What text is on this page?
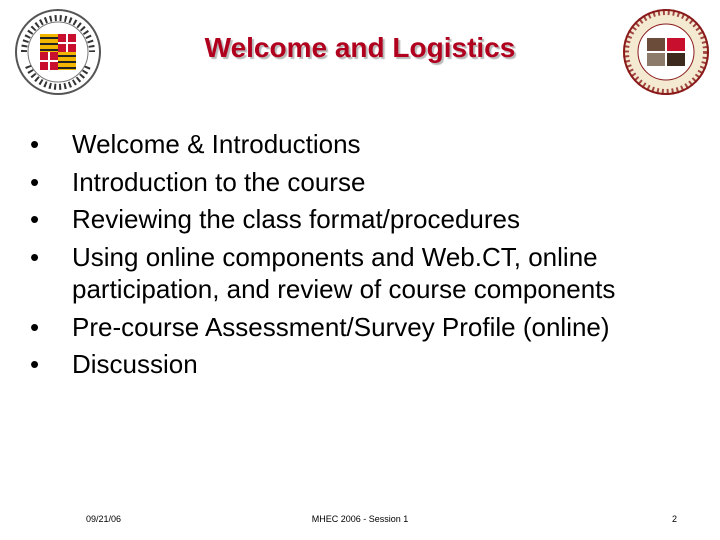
Welcome and Logistics
• Welcome & Introductions
• Introduction to the course
• Reviewing the class format/procedures
• Using online components and Web.CT, online participation, and review of course components
• Pre-course Assessment/Survey Profile (online)
• Discussion
09/21/06	MHEC 2006 - Session 1	2
